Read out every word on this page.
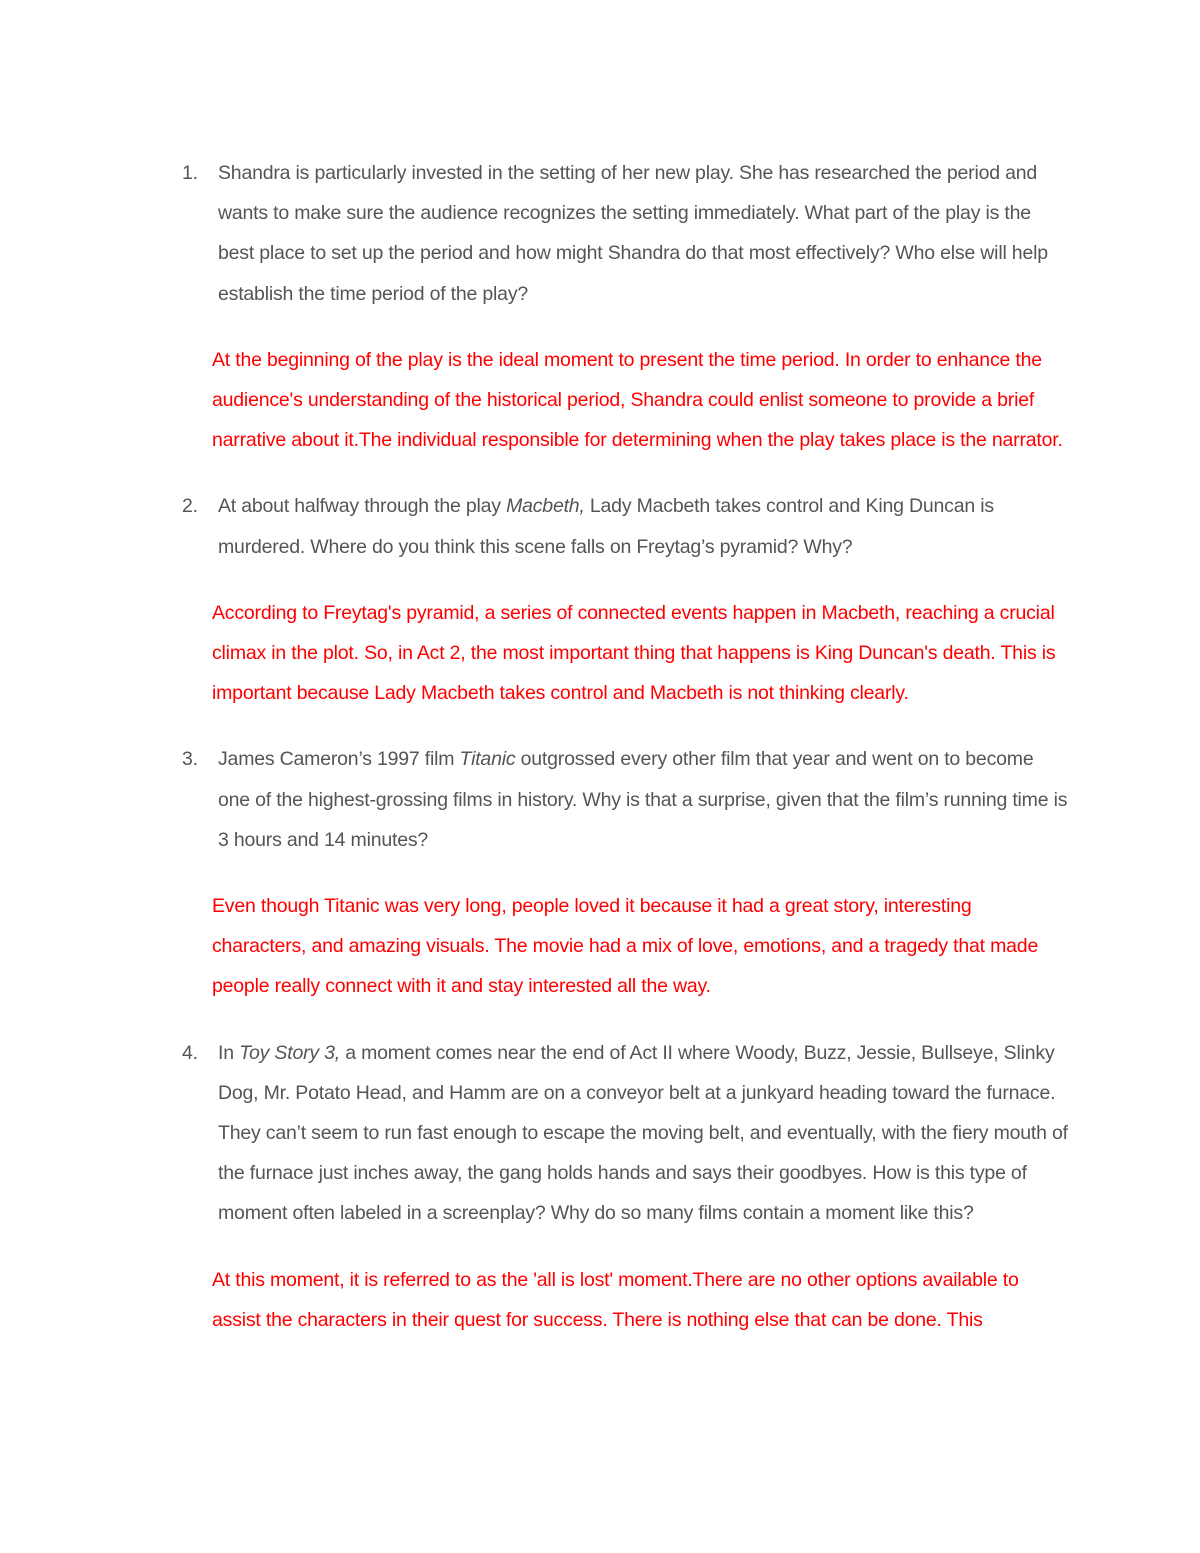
1. Shandra is particularly invested in the setting of her new play. She has researched the period and wants to make sure the audience recognizes the setting immediately. What part of the play is the best place to set up the period and how might Shandra do that most effectively? Who else will help establish the time period of the play?
At the beginning of the play is the ideal moment to present the time period. In order to enhance the audience's understanding of the historical period, Shandra could enlist someone to provide a brief narrative about it.The individual responsible for determining when the play takes place is the narrator.
2. At about halfway through the play Macbeth, Lady Macbeth takes control and King Duncan is murdered. Where do you think this scene falls on Freytag’s pyramid? Why?
According to Freytag's pyramid, a series of connected events happen in Macbeth, reaching a crucial climax in the plot. So, in Act 2, the most important thing that happens is King Duncan's death. This is important because Lady Macbeth takes control and Macbeth is not thinking clearly.
3. James Cameron’s 1997 film Titanic outgrossed every other film that year and went on to become one of the highest-grossing films in history. Why is that a surprise, given that the film’s running time is 3 hours and 14 minutes?
Even though Titanic was very long, people loved it because it had a great story, interesting characters, and amazing visuals. The movie had a mix of love, emotions, and a tragedy that made people really connect with it and stay interested all the way.
4. In Toy Story 3, a moment comes near the end of Act II where Woody, Buzz, Jessie, Bullseye, Slinky Dog, Mr. Potato Head, and Hamm are on a conveyor belt at a junkyard heading toward the furnace. They can’t seem to run fast enough to escape the moving belt, and eventually, with the fiery mouth of the furnace just inches away, the gang holds hands and says their goodbyes. How is this type of moment often labeled in a screenplay? Why do so many films contain a moment like this?
At this moment, it is referred to as the 'all is lost' moment.There are no other options available to assist the characters in their quest for success. There is nothing else that can be done. This
